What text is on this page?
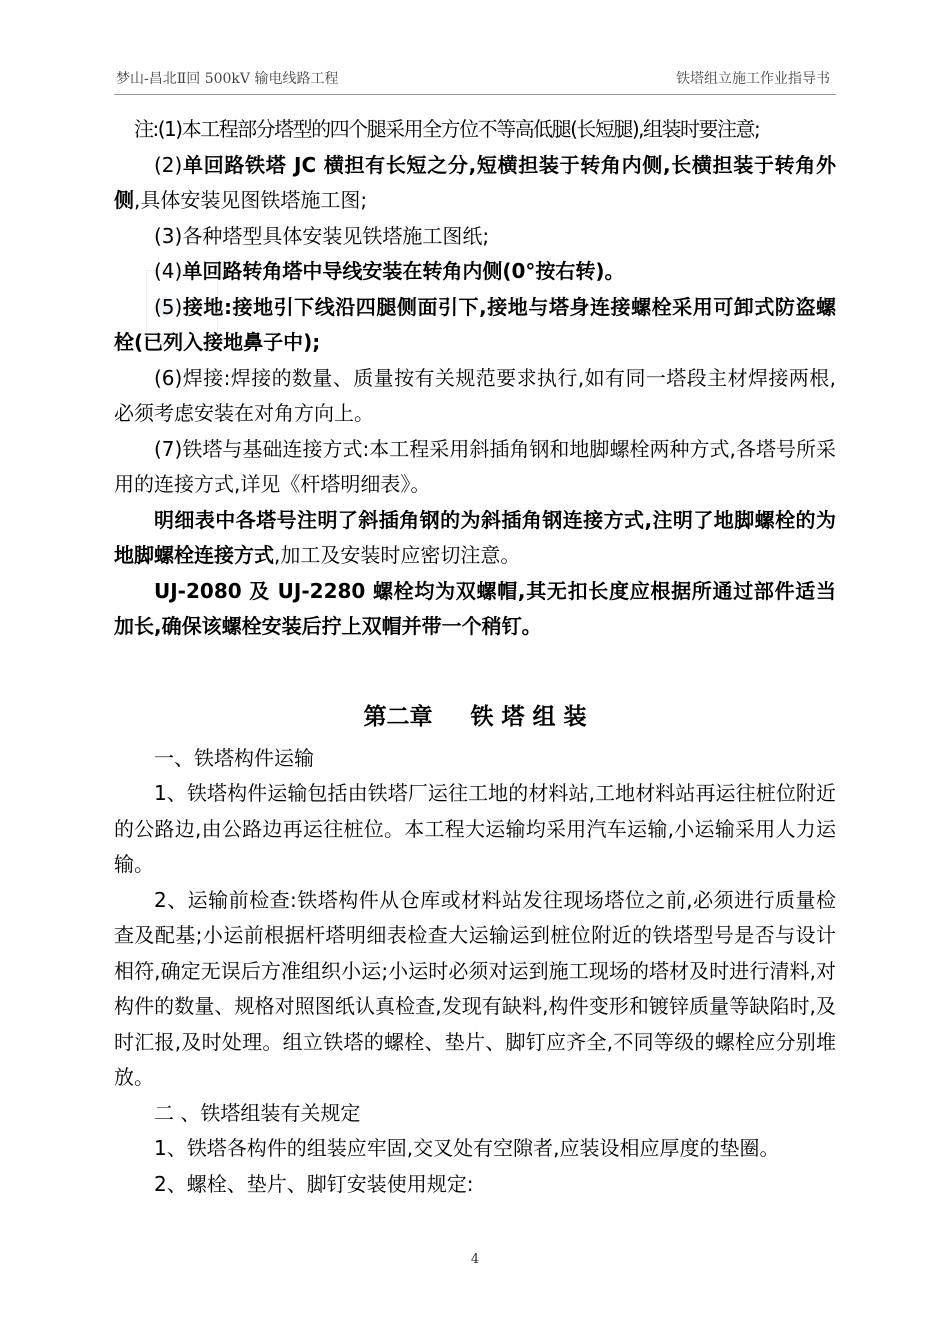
梦山-昌北Ⅱ回 500kV 输电线路工程	铁塔组立施工作业指导书

注:(1)本工程部分塔型的四个腿采用全方位不等高低腿(长短腿),组装时要注意;

(2)单回路铁塔 JC 横担有长短之分,短横担装于转角内侧,长横担装于转角外侧,具体安装见图铁塔施工图;

(3)各种塔型具体安装见铁塔施工图纸;

(4)单回路转角塔中导线安装在转角内侧(0°按右转)。

(5)接地:接地引下线沿四腿侧面引下,接地与塔身连接螺栓采用可卸式防盗螺栓(已列入接地鼻子中);

(6)焊接:焊接的数量、质量按有关规范要求执行,如有同一塔段主材焊接两根,必须考虑安装在对角方向上。

(7)铁塔与基础连接方式:本工程采用斜插角钢和地脚螺栓两种方式,各塔号所采用的连接方式,详见《杆塔明细表》。

明细表中各塔号注明了斜插角钢的为斜插角钢连接方式,注明了地脚螺栓的为地脚螺栓连接方式,加工及安装时应密切注意。

UJ-2080 及 UJ-2280 螺栓均为双螺帽,其无扣长度应根据所通过部件适当加长,确保该螺栓安装后拧上双帽并带一个稍钉。

第二章 铁 塔 组 装

一、铁塔构件运输

1、铁塔构件运输包括由铁塔厂运往工地的材料站,工地材料站再运往桩位附近的公路边,由公路边再运往桩位。本工程大运输均采用汽车运输,小运输采用人力运输。

2、运输前检查:铁塔构件从仓库或材料站发往现场塔位之前,必须进行质量检查及配基;小运前根据杆塔明细表检查大运输运到桩位附近的铁塔型号是否与设计相符,确定无误后方准组织小运;小运时必须对运到施工现场的塔材及时进行清料,对构件的数量、规格对照图纸认真检查,发现有缺料,构件变形和镀锌质量等缺陷时,及时汇报,及时处理。组立铁塔的螺栓、垫片、脚钉应齐全,不同等级的螺栓应分别堆放。

二 、铁塔组装有关规定

1、铁塔各构件的组装应牢固,交叉处有空隙者,应装设相应厚度的垫圈。

2、螺栓、垫片、脚钉安装使用规定:

4
